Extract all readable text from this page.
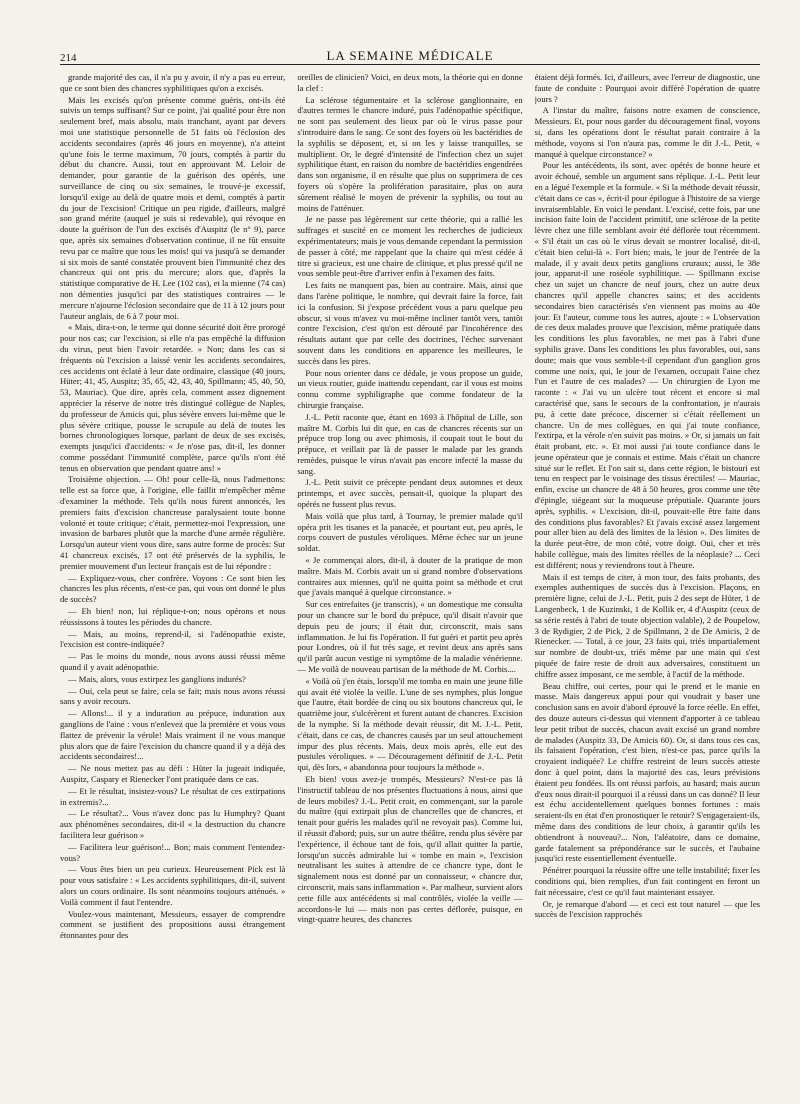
214	LA SEMAINE MÉDICALE

grande majorité des cas, il n'a pu y avoir, il n'y a pas eu erreur, que ce sont bien des chancres syphilitiques qu'on a excisés.

Mais les excisés qu'on présente comme guéris, ont-ils été suivis un temps suffisant? Sur ce point, j'ai qualité pour être non seulement bref, mais absolu, mais tranchant, ayant par devers moi une statistique personnelle de 51 faits où l'éclosion des accidents secondaires (après 46 jours en moyenne), n'a atteint qu'une fois le terme maximum, 70 jours, comptés à partir du début du chancre. Aussi, tout en approuvant M. Leloir de demander, pour garantie de la guérison des opérés, une surveillance de cinq ou six semaines, le trouvé-je excessif, lorsqu'il exige au delà de quatre mois et demi, comptés à partir du jour de l'excision! Critique un peu rigide, d'ailleurs, malgré son grand mérite (auquel je suis si redevable), qui révoque en doute la guérison de l'un des excisés d'Auspitz (le n° 9), parce que, après six semaines d'observation continue, il ne fût ensuite revu par ce maître que tous les mois! qui va jusqu'à se demander si six mois de santé constatée prouvent bien l'immunité chez des chancreux qui ont pris du mercure; alors que, d'après la statistique comparative de H. Lee (102 cas), et la mienne (74 cas) non démenties jusqu'ici par des statistiques contraires — le mercure n'ajourne l'éclosion secondaire que de 11 à 12 jours pour l'auteur anglais, de 6 à 7 pour moi.

« Mais, dira-t-on, le terme qui donne sécurité doit être prorogé pour nos cas; car l'excision, si elle n'a pas empêché la diffusion du virus, peut bien l'avoir retardée. » Non; dans les cas si fréquents où l'excision a laissé venir les accidents secondaires, ces accidents ont éclaté à leur date ordinaire, classique (40 jours, Hüter; 41, 45, Auspitz; 35, 65, 42, 43, 40, Spillmann; 45, 40, 50, 53, Mauriac). Que dire, après cela, comment assez dignement apprécier la réserve de notre très distingué collègue de Naples, du professeur de Amicis qui, plus sévère envers lui-même que le plus sévère critique, pousse le scrupule au delà de toutes les bornes chronologiques lorsque, parlant de deux de ses excisés, exempts jusqu'ici d'accidents: « Je n'ose pas, dit-il, les donner comme possédant l'immunité complète, parce qu'ils n'ont été tenus en observation que pendant quatre ans! »

Troisième objection. — Oh! pour celle-là, nous l'admettons: telle est sa force que, à l'origine, elle faillit m'empêcher même d'examiner la méthode. Tels qu'ils nous furent annoncés, les premiers faits d'excision chancreuse paralysaient toute bonne volonté et toute critique; c'était, permettez-moi l'expression, une invasion de barbares plutôt que la marche d'une armée régulière. Lorsqu'un auteur vient vous dire, sans autre forme de procès: Sur 41 chancreux excisés, 17 ont été préservés de la syphilis, le premier mouvement d'un lecteur français est de lui répondre :

— Expliquez-vous, cher confrère. Voyons : Ce sont bien les chancres les plus récents, n'est-ce pas, qui vous ont donné le plus de succès?

— Eh bien! non, lui réplique-t-on; nous opérons et nous réussissons à toutes les périodes du chancre.

— Mais, au moins, reprend-il, si l'adénopathie existe, l'excision est contre-indiquée?

— Pas le moins du monde, nous avons aussi réussi même quand il y avait adénopathie.

— Mais, alors, vous extirpez les ganglions indurés?

— Oui, cela peut se faire, cela se fait; mais nous avons réussi sans y avoir recours.

— Allons!... il y a induration au prépuce, induration aux ganglions de l'aine : vous n'enlevez que la première et vous vous flattez de prévenir la vérole! Mais vraiment il ne vous manque plus alors que de faire l'excision du chancre quand il y a déjà des accidents secondaires!...

— Ne nous mettez pas au défi : Hüter la jugeait indiquée, Auspitz, Caspary et Rienecker l'ont pratiquée dans ce cas.

— Et le résultat, insistez-vous? Le résultat de ces extirpations in extremis?...

— Le résultat?... Vous n'avez donc pas lu Humphry? Quant aux phénomènes secondaires, dit-il « la destruction du chancre facilitera leur guérison »

— Facilitera leur guérison!... Bon; mais comment l'entendez-vous?

— Vous êtes bien un peu curieux. Heureusement Pick est là pour vous satisfaire : « Les accidents syphilitiques, dit-il, suivent alors un cours ordinaire. Ils sont néanmoins toujours atténués. » Voilà comment il faut l'entendre.

Voulez-vous maintenant, Messieurs, essayer de comprendre comment se justifient des propositions aussi étrangement étonnantes pour des

oreilles de clinicien? Voici, en deux mots, la théorie qui en donne la clef :

La sclérose tégumentaire et la sclérose ganglionnaire, en d'autres termes le chancre induré, puis l'adénopathie spécifique, ne sont pas seulement des lieux par où le virus passe pour s'introduire dans le sang. Ce sont des foyers où les bactéridies de la syphilis se déposent, et, si on les y laisse tranquilles, se multiplient. Or, le degré d'intensité de l'infection chez un sujet syphilitique étant, en raison du nombre de bactéridies engendrées dans son organisme, il en résulte que plus on supprimera de ces foyers où s'opère la prolifération parasitaire, plus on aura sûrement réalisé le moyen de prévenir la syphilis, ou tout au moins de l'atténuer.

Je ne passe pas légèrement sur cette théorie, qui a rallié les suffrages et suscité en ce moment les recherches de judicieux expérimentateurs; mais je vous demande cependant la permission de passer à côté, me rappelant que la chaire qui m'est cédée à titre si gracieux, est une chaire de clinique, et plus pressé qu'il ne vous semble peut-être d'arriver enfin à l'examen des faits.

Les faits ne manquent pas, bien au contraire. Mais, ainsi que dans l'arène politique, le nombre, qui devrait faire la force, fait ici la confusion. Si j'expose précédent vous a paru quelque peu obscur, si vous m'avez vu moi-même incliner tantôt vers, tantôt contre l'excision, c'est qu'on est dérouté par l'incohérence des résultats autant que par celle des doctrines, l'échec survenant souvent dans les conditions en apparence les meilleures, le succès dans les pires.

Pour nous orienter dans ce dédale, je vous propose un guide, un vieux routier, guide inattendu cependant, car il vous est moins connu comme syphiligraphe que comme fondateur de la chirurgie française.

J.-L. Petit raconte que, étant en 1693 à l'hôpital de Lille, son maître M. Corbis lui dit que, en cas de chancres récents sur un prépuce trop long ou avec phimosis, il coupait tout le bout du prépuce, et veillait par là de passer le malade par les grands remèdes, puisque le virus n'avait pas encore infecté la masse du sang.

J.-L. Petit suivit ce précepte pendant deux automnes et deux printemps, et avec succès, pensait-il, quoique la plupart des opérés ne fussent plus revus.

Mais voilà que plus tard, à Tournay, le premier malade qu'il opéra prit les tisanes et la panacée, et pourtant eut, peu après, le corps couvert de pustules véroliques. Même échec sur un jeune soldat.

« Je commençai alors, dit-il, à douter de la pratique de mon maître. Mais M. Corbis avait un si grand nombre d'observations contraires aux miennes, qu'il ne quitta point sa méthode et crut que j'avais manqué à quelque circonstance. »

Sur ces entrefaites (je transcris), « un domestique me consulta pour un chancre sur le bord du prépuce, qu'il disait n'avoir que depuis peu de jours; il était dur, circonscrit, mais sans inflammation. Je lui fis l'opération. Il fut guéri et partit peu après pour Londres, où il fut très sage, et revint deux ans après sans qu'il parût aucun vestige ni symptôme de la maladie vénérienne. — Me voilà de nouveau partisan de la méthode de M. Corbis....

« Voilà où j'en étais, lorsqu'il me tomba en main une jeune fille qui avait été violée la veille. L'une de ses nymphes, plus longue que l'autre, était bordée de cinq ou six boutons chancreux qui, le quatrième jour, s'ulcérèrent et furent autant de chancres. Excision de la nymphe. Si la méthode devait réussir, dit M. J.-L. Petit, c'était, dans ce cas, de chancres causés par un seul attouchement impur des plus récents. Mais, deux mois après, elle eut des pustules véroliques. » — Découragement définitif de J.-L. Petit qui, dès lors, « abandonna pour toujours la méthode ».

Eh bien! vous avez-je trompés, Messieurs? N'est-ce pas là l'instructif tableau de nos présentes fluctuations à nous, ainsi que de leurs mobiles? J.-L. Petit croit, en commençant, sur la parole du maître (qui extirpait plus de chancrelles que de chancres, et tenait pour guéris les malades qu'il ne revoyait pas). Comme lui, il réussit d'abord; puis, sur un autre théâtre, rendu plus sévère par l'expérience, il échoue tant de fois, qu'il allait quitter la partie, lorsqu'un succès admirable lui « tombe en main », l'excision neutralisant les suites à attendre de ce chancre type, dont le signalement nous est donné par un connaisseur, « chancre dur, circonscrit, mais sans inflammation ». Par malheur, survient alors cette fille aux antécédents si mal contrôlés, violée la veille — accordons-le lui — mais non pas certes déflorée, puisque, en vingt-quatre heures, des chancres

étaient déjà formés. Ici, d'ailleurs, avec l'erreur de diagnostic, une faute de conduite : Pourquoi avoir différé l'opération de quatre jours ?

A l'instar du maître, faisons notre examen de conscience, Messieurs. Et, pour nous garder du découragement final, voyons si, dans les opérations dont le résultat parait contraire à la méthode, voyons si l'on n'aura pas, comme le dit J.-L. Petit, « manqué à quelque circonstance? »

Pour les antécédents, ils sont, avec opérés de bonne heure et avoir échoué, semble un argument sans réplique. J.-L. Petit leur en a légué l'exemple et la formule. « Si la méthode devait réussir, c'était dans ce cas », écrit-il pour épilogue à l'histoire de sa vierge invraisemblable. En voici le pendant. L'excisé, cette fois, par une incision faite loin de l'accident primitif, une sclérose de la petite lèvre chez une fille semblant avoir été déflorée tout récemment. « S'il était un cas où le virus devait se montrer localisé, dit-il, c'était bien celui-là ». Fort bien; mais, le jour de l'entrée de la malade, il y avait deux petits ganglions cruraux; aussi, le 38e jour, apparut-il une roséole syphilitique. — Spillmann excise chez un sujet un chancre de neuf jours, chez un autre deux chancres qu'il appelle chancres sains; et des accidents secondaires bien caractérisés s'en viennent pas moins au 40e jour. Et l'auteur, comme tous les autres, ajoute : « L'observation de ces deux malades prouve que l'excision, même pratiquée dans les conditions les plus favorables, ne met pas à l'abri d'une syphilis grave. Dans les conditions les plus favorables, oui, sans doute; mais que vous semble-t-il cependant d'un ganglion gros comme une noix, qui, le jour de l'examen, occupait l'aine chez l'un et l'autre de ces malades? — Un chirurgien de Lyon me raconte : « J'ai vu un ulcère tout récent et encore si mal caractérisé que, sans le secours de la confrontation, je n'aurais pu, à cette date précoce, discerner si c'était réellement un chancre. Un de mes collègues, en qui j'ai toute confiance, l'extirpa, et la vérole n'en suivit pas moins. » Or, si jamais un fait était probant, etc. ». Et moi aussi j'ai toute confiance dans le jeune opérateur que je connais et estime. Mais c'était un chancre situé sur le reflet. Et l'on sait si, dans cette région, le bistouri est tenu en respect par le voisinage des tissus érectiles! — Mauriac, enfin, excise un chancre de 48 à 50 heures, gros comme une tête d'épingle, siégeant sur la muqueuse préputiale. Quarante jours après, syphilis. « L'excision, dit-il, pouvait-elle être faite dans des conditions plus favorables? Et j'avais excisé assez largement pour aller bien au delà des limites de la lésion ». Des limites de la durée peut-être, de mon côté, votre doigt. Oui, cher et très habile collègue, mais des limites réelles de la néoplasie? ... Ceci est différent; nous y reviendrons tout à l'heure.

Mais il est temps de citer, à mon tour, des faits probants, des exemples authentiques de succès dus à l'excision. Plaçons, en première ligne, celui de J.-L. Petit, puis 2 des sept de Hüter, 1 de Langenbeck, 1 de Kuzinski, 1 de Kollik er, 4 d'Auspitz (ceux de sa série restés à l'abri de toute objection valable), 2 de Poupelow, 3 de Rydigier, 2 de Pick, 2 de Spillmann, 2 de De Amicis, 2 de Rienecker. — Total, à ce jour, 23 faits qui, triés impartialement sur nombre de doubt-ux, triés même par une main qui s'est piquée de faire reste de droit aux adversaires, constituent un chiffre assez imposant, ce me semble, à l'actif de la méthode.

Beau chiffre, oui certes, pour qui le prend et le manie en masse. Mais dangereux appui pour qui voudrait y baser une conclusion sans en avoir d'abord éprouvé la force réelle. En effet, des douze auteurs ci-dessus qui viennent d'apporter à ce tableau leur petit tribut de succès, chacun avait excisé un grand nombre de malades (Auspitz 33, De Amicis 60). Or, si dans tous ces cas, ils faisaient l'opération, c'est bien, n'est-ce pas, parce qu'ils la croyaient indiquée? Le chiffre restreint de leurs succès atteste donc à quel point, dans la majorité des cas, leurs prévisions étaient peu fondées. Ils ont réussi parfois, au hasard; mais aucun d'eux nous dirait-il pourquoi il a réussi dans un cas donné? Il leur est échu accidentellement quelques bonnes fortunes : mais seraient-ils en état d'en pronostiquer le retour? S'engageraient-ils, même dans des conditions de leur choix, à garantir qu'ils les obtiendront à nouveau?... Non, l'aléatoire, dans ce domaine, garde fatalement sa prépondérance sur le succès, et l'aubaine jusqu'ici reste essentiellement éventuelle.

Pénétrer pourquoi la réussite offre une telle instabilité; fixer les conditions qui, bien remplies, d'un fait contingent en feront un fait nécessaire, c'est ce qu'il faut maintenant essayer.

Or, je remarque d'abord — et ceci est tout naturel — que les succès de l'excision rapprochés
